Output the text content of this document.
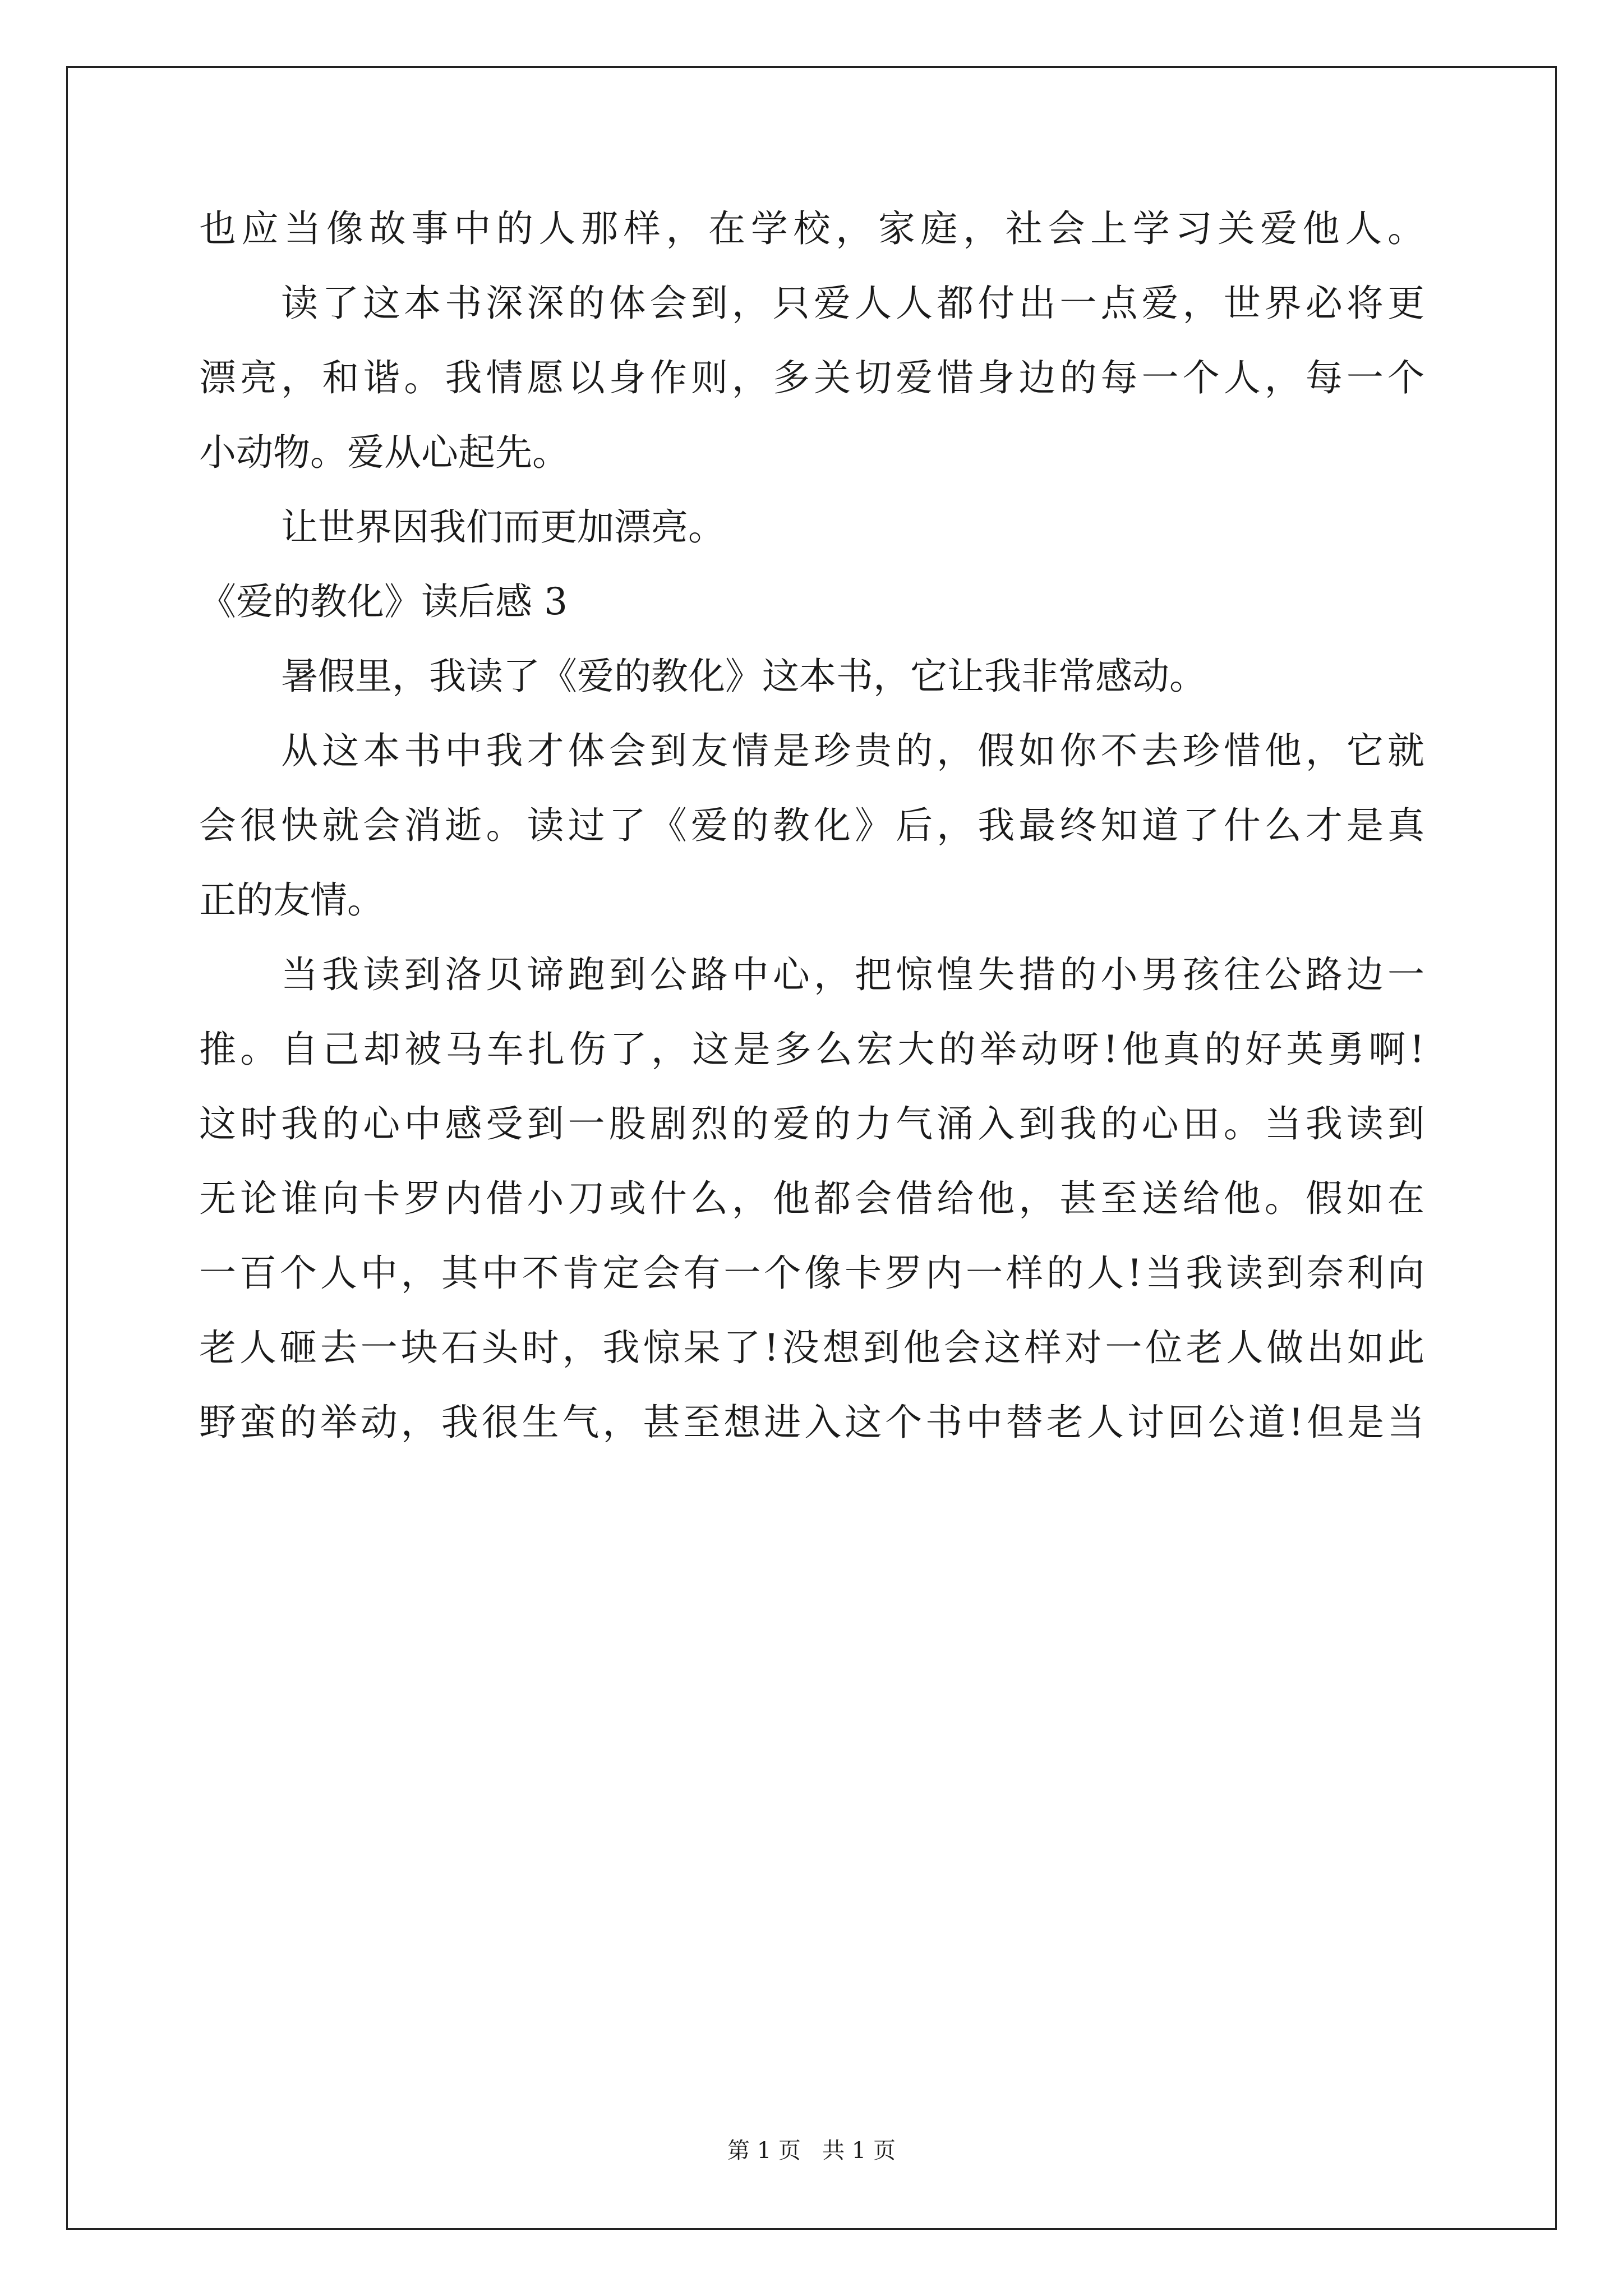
也应当像故事中的人那样，在学校，家庭，社会上学习关爱他人。
读了这本书深深的体会到，只爱人人都付出一点爱，世界必将更
漂亮，和谐。我情愿以身作则，多关切爱惜身边的每一个人，每一个
小动物。爱从心起先。
让世界因我们而更加漂亮。
《爱的教化》读后感 3
暑假里，我读了《爱的教化》这本书，它让我非常感动。
从这本书中我才体会到友情是珍贵的，假如你不去珍惜他，它就
会很快就会消逝。读过了《爱的教化》后，我最终知道了什么才是真
正的友情。
当我读到洛贝谛跑到公路中心，把惊惶失措的小男孩往公路边一
推。自己却被马车扎伤了，这是多么宏大的举动呀!他真的好英勇啊!
这时我的心中感受到一股剧烈的爱的力气涌入到我的心田。当我读到
无论谁向卡罗内借小刀或什么，他都会借给他，甚至送给他。假如在
一百个人中，其中不肯定会有一个像卡罗内一样的人!当我读到奈利向
老人砸去一块石头时，我惊呆了!没想到他会这样对一位老人做出如此
野蛮的举动，我很生气，甚至想进入这个书中替老人讨回公道!但是当
第 1 页   共 1 页
